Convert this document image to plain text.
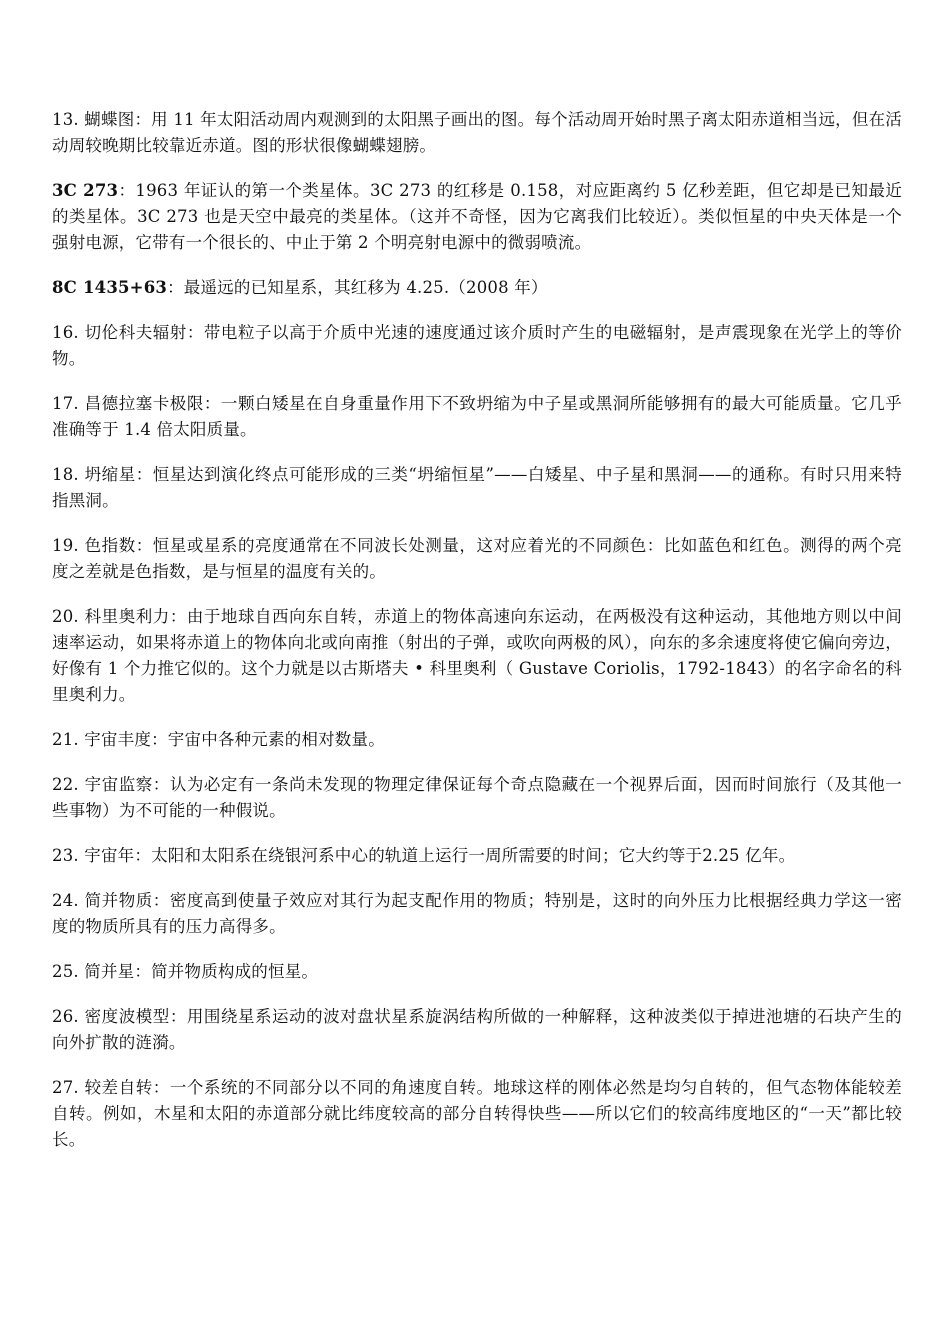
13. 蝴蝶图：用 11 年太阳活动周内观测到的太阳黑子画出的图。每个活动周开始时黑子离太阳赤道相当远，但在活动周较晚期比较靠近赤道。图的形状很像蝴蝶翅膀。

3C 273：1963 年证认的第一个类星体。3C 273 的红移是 0.158，对应距离约 5 亿秒差距，但它却是已知最近的类星体。3C 273 也是天空中最亮的类星体。（这并不奇怪，因为它离我们比较近）。类似恒星的中央天体是一个强射电源，它带有一个很长的、中止于第 2 个明亮射电源中的微弱喷流。

8C 1435+63：最遥远的已知星系，其红移为 4.25.（2008 年）

16. 切伦科夫辐射：带电粒子以高于介质中光速的速度通过该介质时产生的电磁辐射，是声震现象在光学上的等价物。

17. 昌德拉塞卡极限：一颗白矮星在自身重量作用下不致坍缩为中子星或黑洞所能够拥有的最大可能质量。它几乎准确等于 1.4 倍太阳质量。

18. 坍缩星：恒星达到演化终点可能形成的三类“坍缩恒星”——白矮星、中子星和黑洞——的通称。有时只用来特指黑洞。

19. 色指数：恒星或星系的亮度通常在不同波长处测量，这对应着光的不同颜色：比如蓝色和红色。测得的两个亮度之差就是色指数，是与恒星的温度有关的。

20. 科里奥利力：由于地球自西向东自转，赤道上的物体高速向东运动，在两极没有这种运动，其他地方则以中间速率运动，如果将赤道上的物体向北或向南推（射出的子弹，或吹向两极的风），向东的多余速度将使它偏向旁边，好像有 1 个力推它似的。这个力就是以古斯塔夫 • 科里奥利（ Gustave Coriolis，1792-1843）的名字命名的科里奥利力。

21. 宇宙丰度：宇宙中各种元素的相对数量。

22. 宇宙监察：认为必定有一条尚未发现的物理定律保证每个奇点隐藏在一个视界后面，因而时间旅行（及其他一些事物）为不可能的一种假说。

23. 宇宙年：太阳和太阳系在绕银河系中心的轨道上运行一周所需要的时间；它大约等于2.25 亿年。

24. 简并物质：密度高到使量子效应对其行为起支配作用的物质；特别是，这时的向外压力比根据经典力学这一密度的物质所具有的压力高得多。

25. 简并星：简并物质构成的恒星。

26. 密度波模型：用围绕星系运动的波对盘状星系旋涡结构所做的一种解释，这种波类似于掉进池塘的石块产生的向外扩散的涟漪。

27. 较差自转：一个系统的不同部分以不同的角速度自转。地球这样的刚体必然是均匀自转的，但气态物体能较差自转。例如，木星和太阳的赤道部分就比纬度较高的部分自转得快些——所以它们的较高纬度地区的“一天”都比较长。
